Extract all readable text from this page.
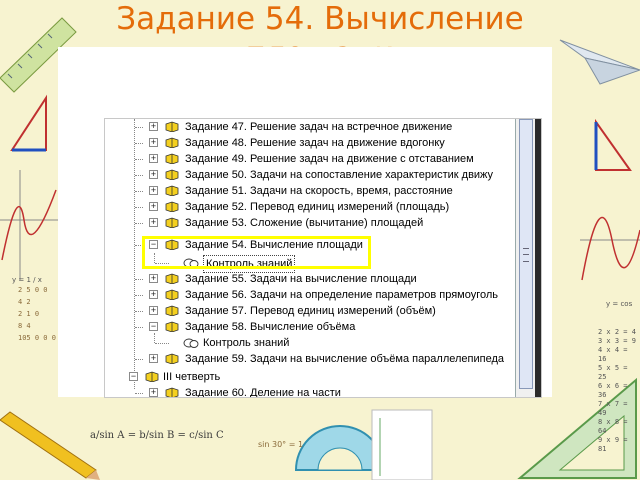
2 5 0 0
4 2
2 1 0
8 4
105 0 0 0
sin 30° = 1
y = 1 / x
y = cos
a/sin A = b/sin B = c/sin C
2 x 2 = 4
3 x 3 = 9
4 x 4 = 16
5 x 5 = 25
6 x 6 = 36
7 x 7 = 49
8 x 8 = 64
9 x 9 = 81
Задание 54. Вычисление
+	Задание 47. Решение задач на встречное движение
+	Задание 48. Решение задач на движение вдогонку
+	Задание 49. Решение задач на движение с отставанием
+	Задание 50. Задачи на сопоставление характеристик движу
+	Задание 51. Задачи на скорость, время, расстояние
+	Задание 52. Перевод единиц измерений (площадь)
+	Задание 53. Сложение (вычитание) площадей
−	Задание 54. Вычисление площади
Контроль знаний
+	Задание 55. Задачи на вычисление площади
+	Задание 56. Задачи на определение параметров прямоуголь
+	Задание 57. Перевод единиц измерений (объём)
−	Задание 58. Вычисление объёма
Контроль знаний
+	Задание 59. Задачи на вычисление объёма параллелепипеда
− III четверть
+	Задание 60. Деление на части
